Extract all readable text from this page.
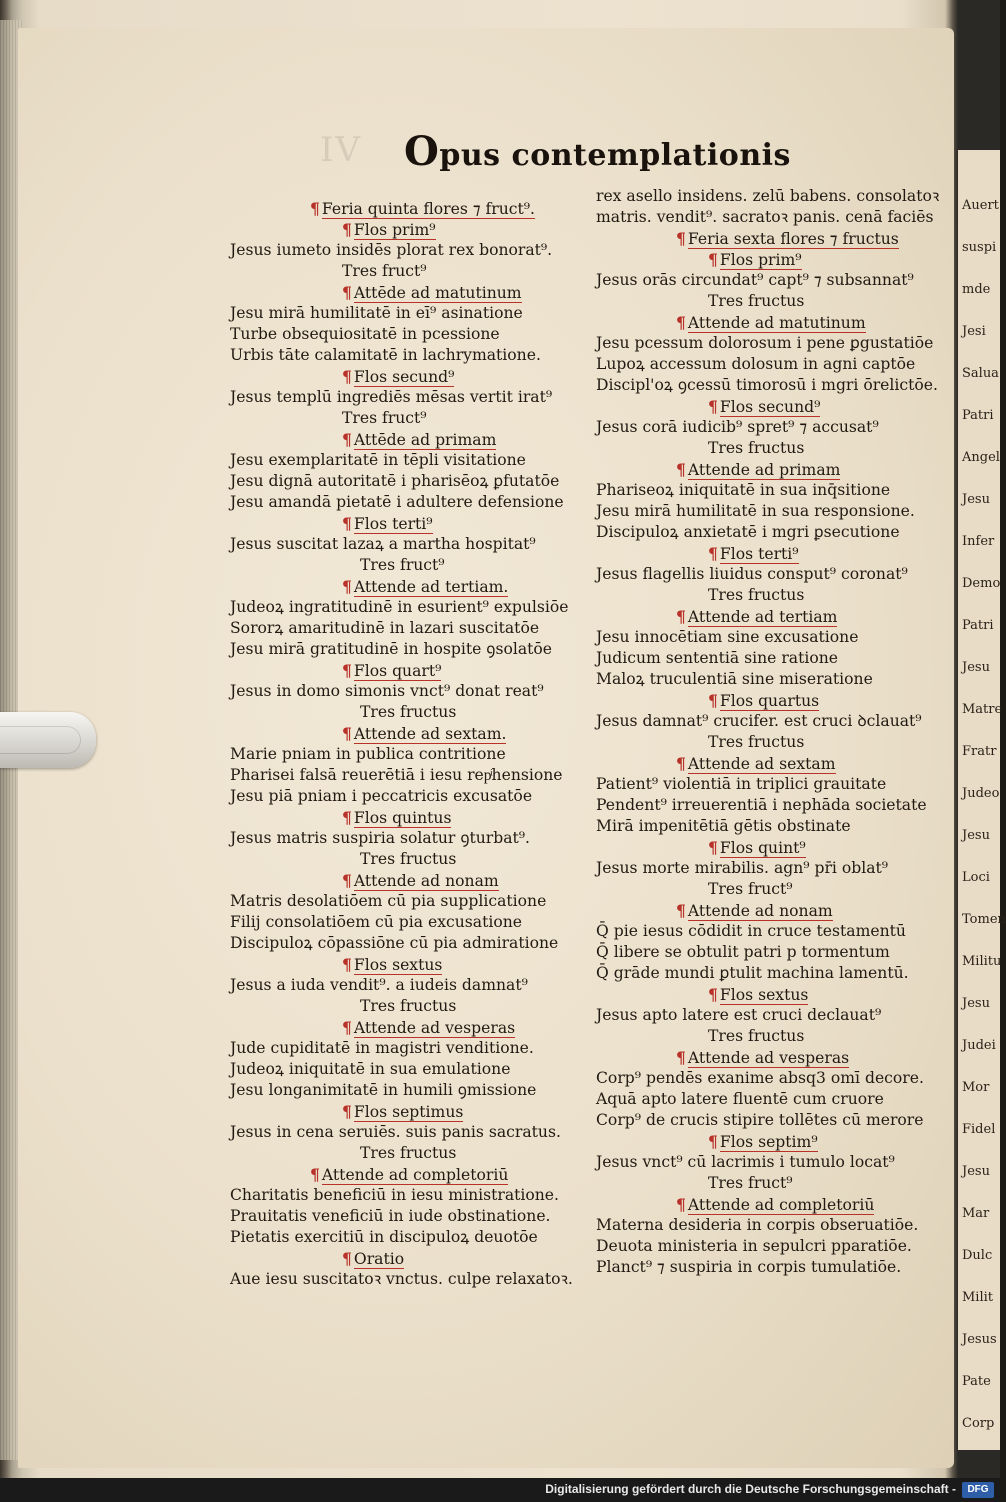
Auert
suspi
mde
Jesi
Salua
Patri
Angel
Jesu
Infer
Demo
Patri
Jesu
Matre
Fratr
Judeo
Jesu
Loci
Tomen
Militu
Jesu
Judei
Mor
Fidel
Jesu
Mar
Dulc
Milit
Jesus
Pate
Corp
IV Opus contemplationis
¶ Feria quinta flores ⁊ fruct⁹.
¶ Flos prim⁹
Jesus iumeto insidēs plorat rex bonorat⁹.
Tres fruct⁹
¶ Attēde ad matutinum
Jesu mirā humilitatē in eī⁹ asinatione
Turbe obsequiositatē in pcessione
Urbis tāte calamitatē in lachrymatione.
¶ Flos secund⁹
Jesus templū ingrediēs mēsas vertit irat⁹
Tres fruct⁹
¶ Attēde ad primam
Jesu exemplaritatē in tēpli visitatione
Jesu dignā autoritatē i pharisēoꝝ ꝑfutatōe
Jesu amandā pietatē i adultere defensione
¶ Flos terti⁹
Jesus suscitat lazaꝝ a martha hospitat⁹
Tres fruct⁹
¶ Attende ad tertiam.
Judeoꝝ ingratitudinē in esurient⁹ expulsiōe
Sororꝝ amaritudinē in lazari suscitatōe
Jesu mirā gratitudinē in hospite ꝯsolatōe
¶ Flos quart⁹
Jesus in domo simonis vnct⁹ donat reat⁹
Tres fructus
¶ Attende ad sextam.
Marie pniam in publica contritione
Pharisei falsā reuerētiā i iesu repͥhensione
Jesu piā pniam i peccatricis excusatōe
¶ Flos quintus
Jesus matris suspiria solatur ꝯturbat⁹.
Tres fructus
¶ Attende ad nonam
Matris desolatiōem cū pia supplicatione
Filij consolatiōem cū pia excusatione
Discipuloꝝ cōpassiōne cū pia admiratione
¶ Flos sextus
Jesus a iuda vendit⁹. a iudeis damnat⁹
Tres fructus
¶ Attende ad vesperas
Jude cupiditatē in magistri venditione.
Judeoꝝ iniquitatē in sua emulatione
Jesu longanimitatē in humili ꝯmissione
¶ Flos septimus
Jesus in cena seruiēs. suis panis sacratus.
Tres fructus
¶ Attende ad completoriū
Charitatis beneficiū in iesu ministratione.
Prauitatis veneficiū in iude obstinatione.
Pietatis exercitiū in discipuloꝝ deuotōe
¶ Oratio
Aue iesu suscitatoꝛ vnctus. culpe relaxatoꝛ.
rex asello insidens. zelū babens. consolatoꝛ
matris. vendit⁹. sacratoꝛ panis. cenā faciēs
¶ Feria sexta flores ⁊ fructus
¶ Flos prim⁹
Jesus orās circundat⁹ capt⁹ ⁊ subsannat⁹
Tres fructus
¶ Attende ad matutinum
Jesu pcessum dolorosum i pene ꝑgustatiōe
Lupoꝝ accessum dolosum in agni captōe
Discipl'oꝝ ꝯcessū timorosū i mgri ōrelictōe.
¶ Flos secund⁹
Jesus corā iudicib⁹ spret⁹ ⁊ accusat⁹
Tres fructus
¶ Attende ad primam
Phariseoꝝ iniquitatē in sua inq̄sitione
Jesu mirā humilitatē in sua responsione.
Discipuloꝝ anxietatē i mgri ꝑsecutione
¶ Flos terti⁹
Jesus flagellis liuidus consput⁹ coronat⁹
Tres fructus
¶ Attende ad tertiam
Jesu innocētiam sine excusatione
Judicum sententiā sine ratione
Maloꝝ truculentiā sine miseratione
¶ Flos quartus
Jesus damnat⁹ crucifer. est cruci ꝺclauat⁹
Tres fructus
¶ Attende ad sextam
Patient⁹ violentiā in triplici grauitate
Pendent⁹ irreuerentiā i nephāda societate
Mirā impenitētiā gētis obstinate
¶ Flos quint⁹
Jesus morte mirabilis. agn⁹ pr̄i oblat⁹
Tres fruct⁹
¶ Attende ad nonam
Q̄ pie iesus cōdidit in cruce testamentū
Q̄ libere se obtulit patri p tormentum
Q̄ grāde mundi ꝑtulit machina lamentū.
¶ Flos sextus
Jesus apto latere est cruci declauat⁹
Tres fructus
¶ Attende ad vesperas
Corp⁹ pendēs exanime absq3 omī decore.
Aquā apto latere fluentē cum cruore
Corp⁹ de crucis stipire tollētes cū merore
¶ Flos septim⁹
Jesus vnct⁹ cū lacrimis i tumulo locat⁹
Tres fruct⁹
¶ Attende ad completoriū
Materna desideria in corpis obseruatiōe.
Deuota ministeria in sepulcri pparatiōe.
Planct⁹ ⁊ suspiria in corpis tumulatiōe.
Digitalisierung gefördert durch die Deutsche Forschungsgemeinschaft -	DFG
